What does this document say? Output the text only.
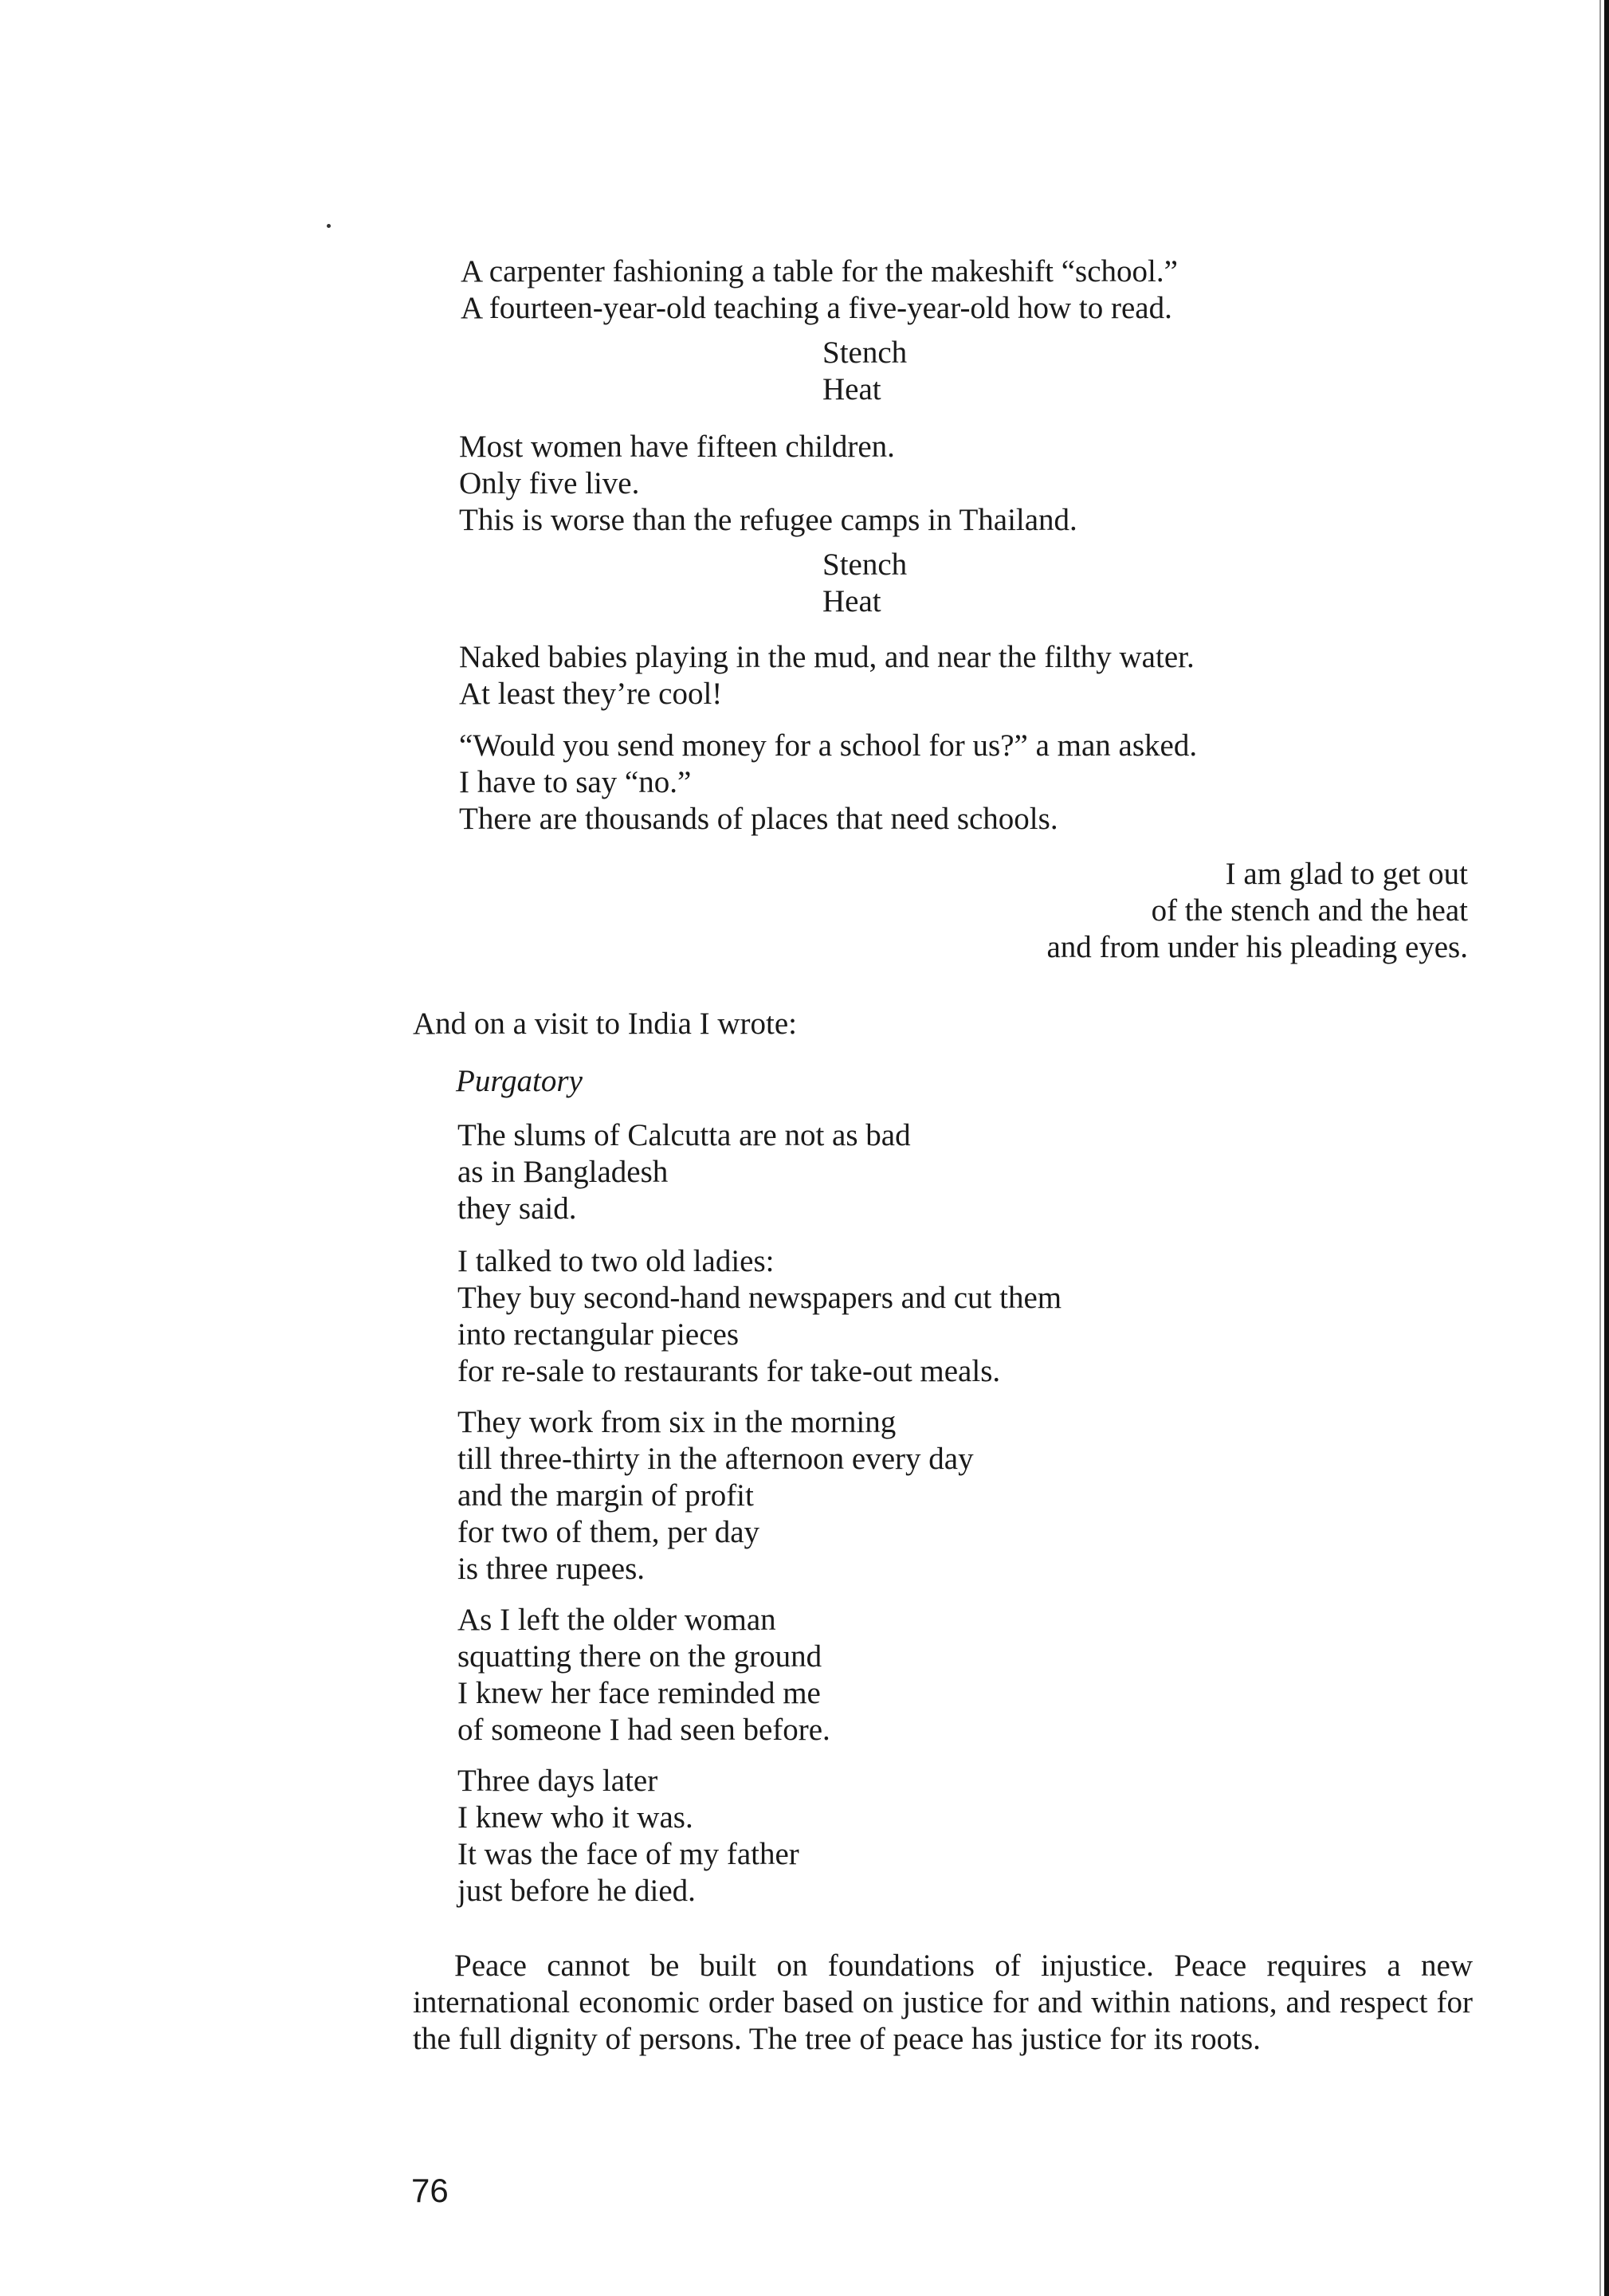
A carpenter fashioning a table for the makeshift “school.”
A fourteen-year-old teaching a five-year-old how to read.
Stench
Heat
Most women have fifteen children.
Only five live.
This is worse than the refugee camps in Thailand.
Stench
Heat
Naked babies playing in the mud, and near the filthy water.
At least they’re cool!
“Would you send money for a school for us?” a man asked.
I have to say “no.”
There are thousands of places that need schools.
I am glad to get out
of the stench and the heat
and from under his pleading eyes.
And on a visit to India I wrote:
Purgatory
The slums of Calcutta are not as bad
as in Bangladesh
they said.
I talked to two old ladies:
They buy second-hand newspapers and cut them
into rectangular pieces
for re-sale to restaurants for take-out meals.
They work from six in the morning
till three-thirty in the afternoon every day
and the margin of profit
for two of them, per day
is three rupees.
As I left the older woman
squatting there on the ground
I knew her face reminded me
of someone I had seen before.
Three days later
I knew who it was.
It was the face of my father
just before he died.
Peace cannot be built on foundations of injustice. Peace requires a new international economic order based on justice for and within nations, and respect for the full dignity of persons. The tree of peace has justice for its roots.
76
